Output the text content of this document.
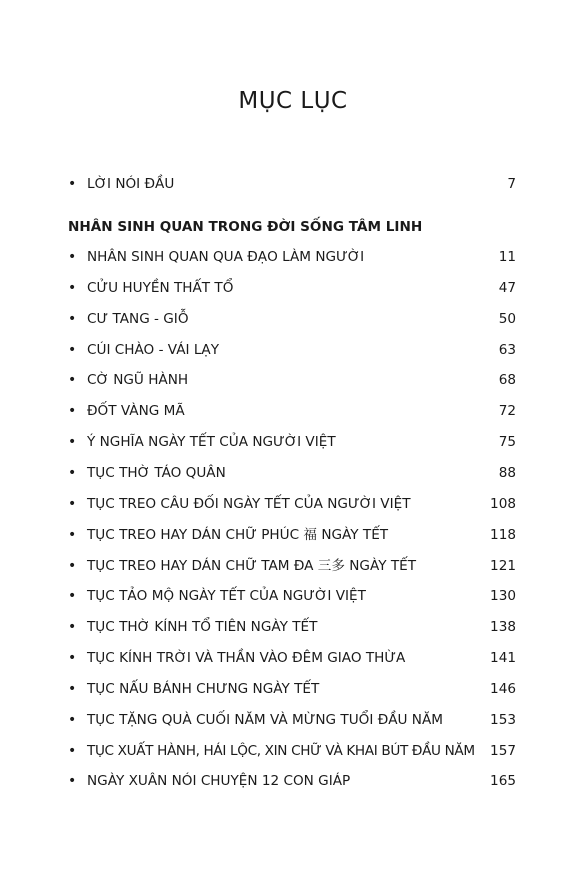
MỤC LỤC
• LỜI NÓI ĐẦU	7
NHÂN SINH QUAN TRONG ĐỜI SỐNG TÂM LINH
• NHÂN SINH QUAN QUA ĐẠO LÀM NGƯỜI	11
• CỬU HUYỀN THẤT TỔ	47
• CƯ TANG - GIỖ	50
• CÚI CHÀO - VÁI LẠY	63
• CỜ NGŨ HÀNH	68
• ĐỐT VÀNG MÃ	72
• Ý NGHĨA NGÀY TẾT CỦA NGƯỜI VIỆT	75
• TỤC THỜ TÁO QUÂN	88
• TỤC TREO CÂU ĐỐI NGÀY TẾT CỦA NGƯỜI VIỆT	108
• TỤC TREO HAY DÁN CHỮ PHÚC 福 NGÀY TẾT	118
• TỤC TREO HAY DÁN CHỮ TAM ĐA 三多 NGÀY TẾT	121
• TỤC TẢO MỘ NGÀY TẾT CỦA NGƯỜI VIỆT	130
• TỤC THỜ KÍNH TỔ TIÊN NGÀY TẾT	138
• TỤC KÍNH TRỜI VÀ THẦN VÀO ĐÊM GIAO THỪA	141
• TỤC NẤU BÁNH CHƯNG NGÀY TẾT	146
• TỤC TẶNG QUÀ CUỐI NĂM VÀ MỪNG TUỔI ĐẦU NĂM	153
• TỤC XUẤT HÀNH, HÁI LỘC, XIN CHỮ VÀ KHAI BÚT ĐẦU NĂM 157
• NGÀY XUÂN NÓI CHUYỆN 12 CON GIÁP	165
